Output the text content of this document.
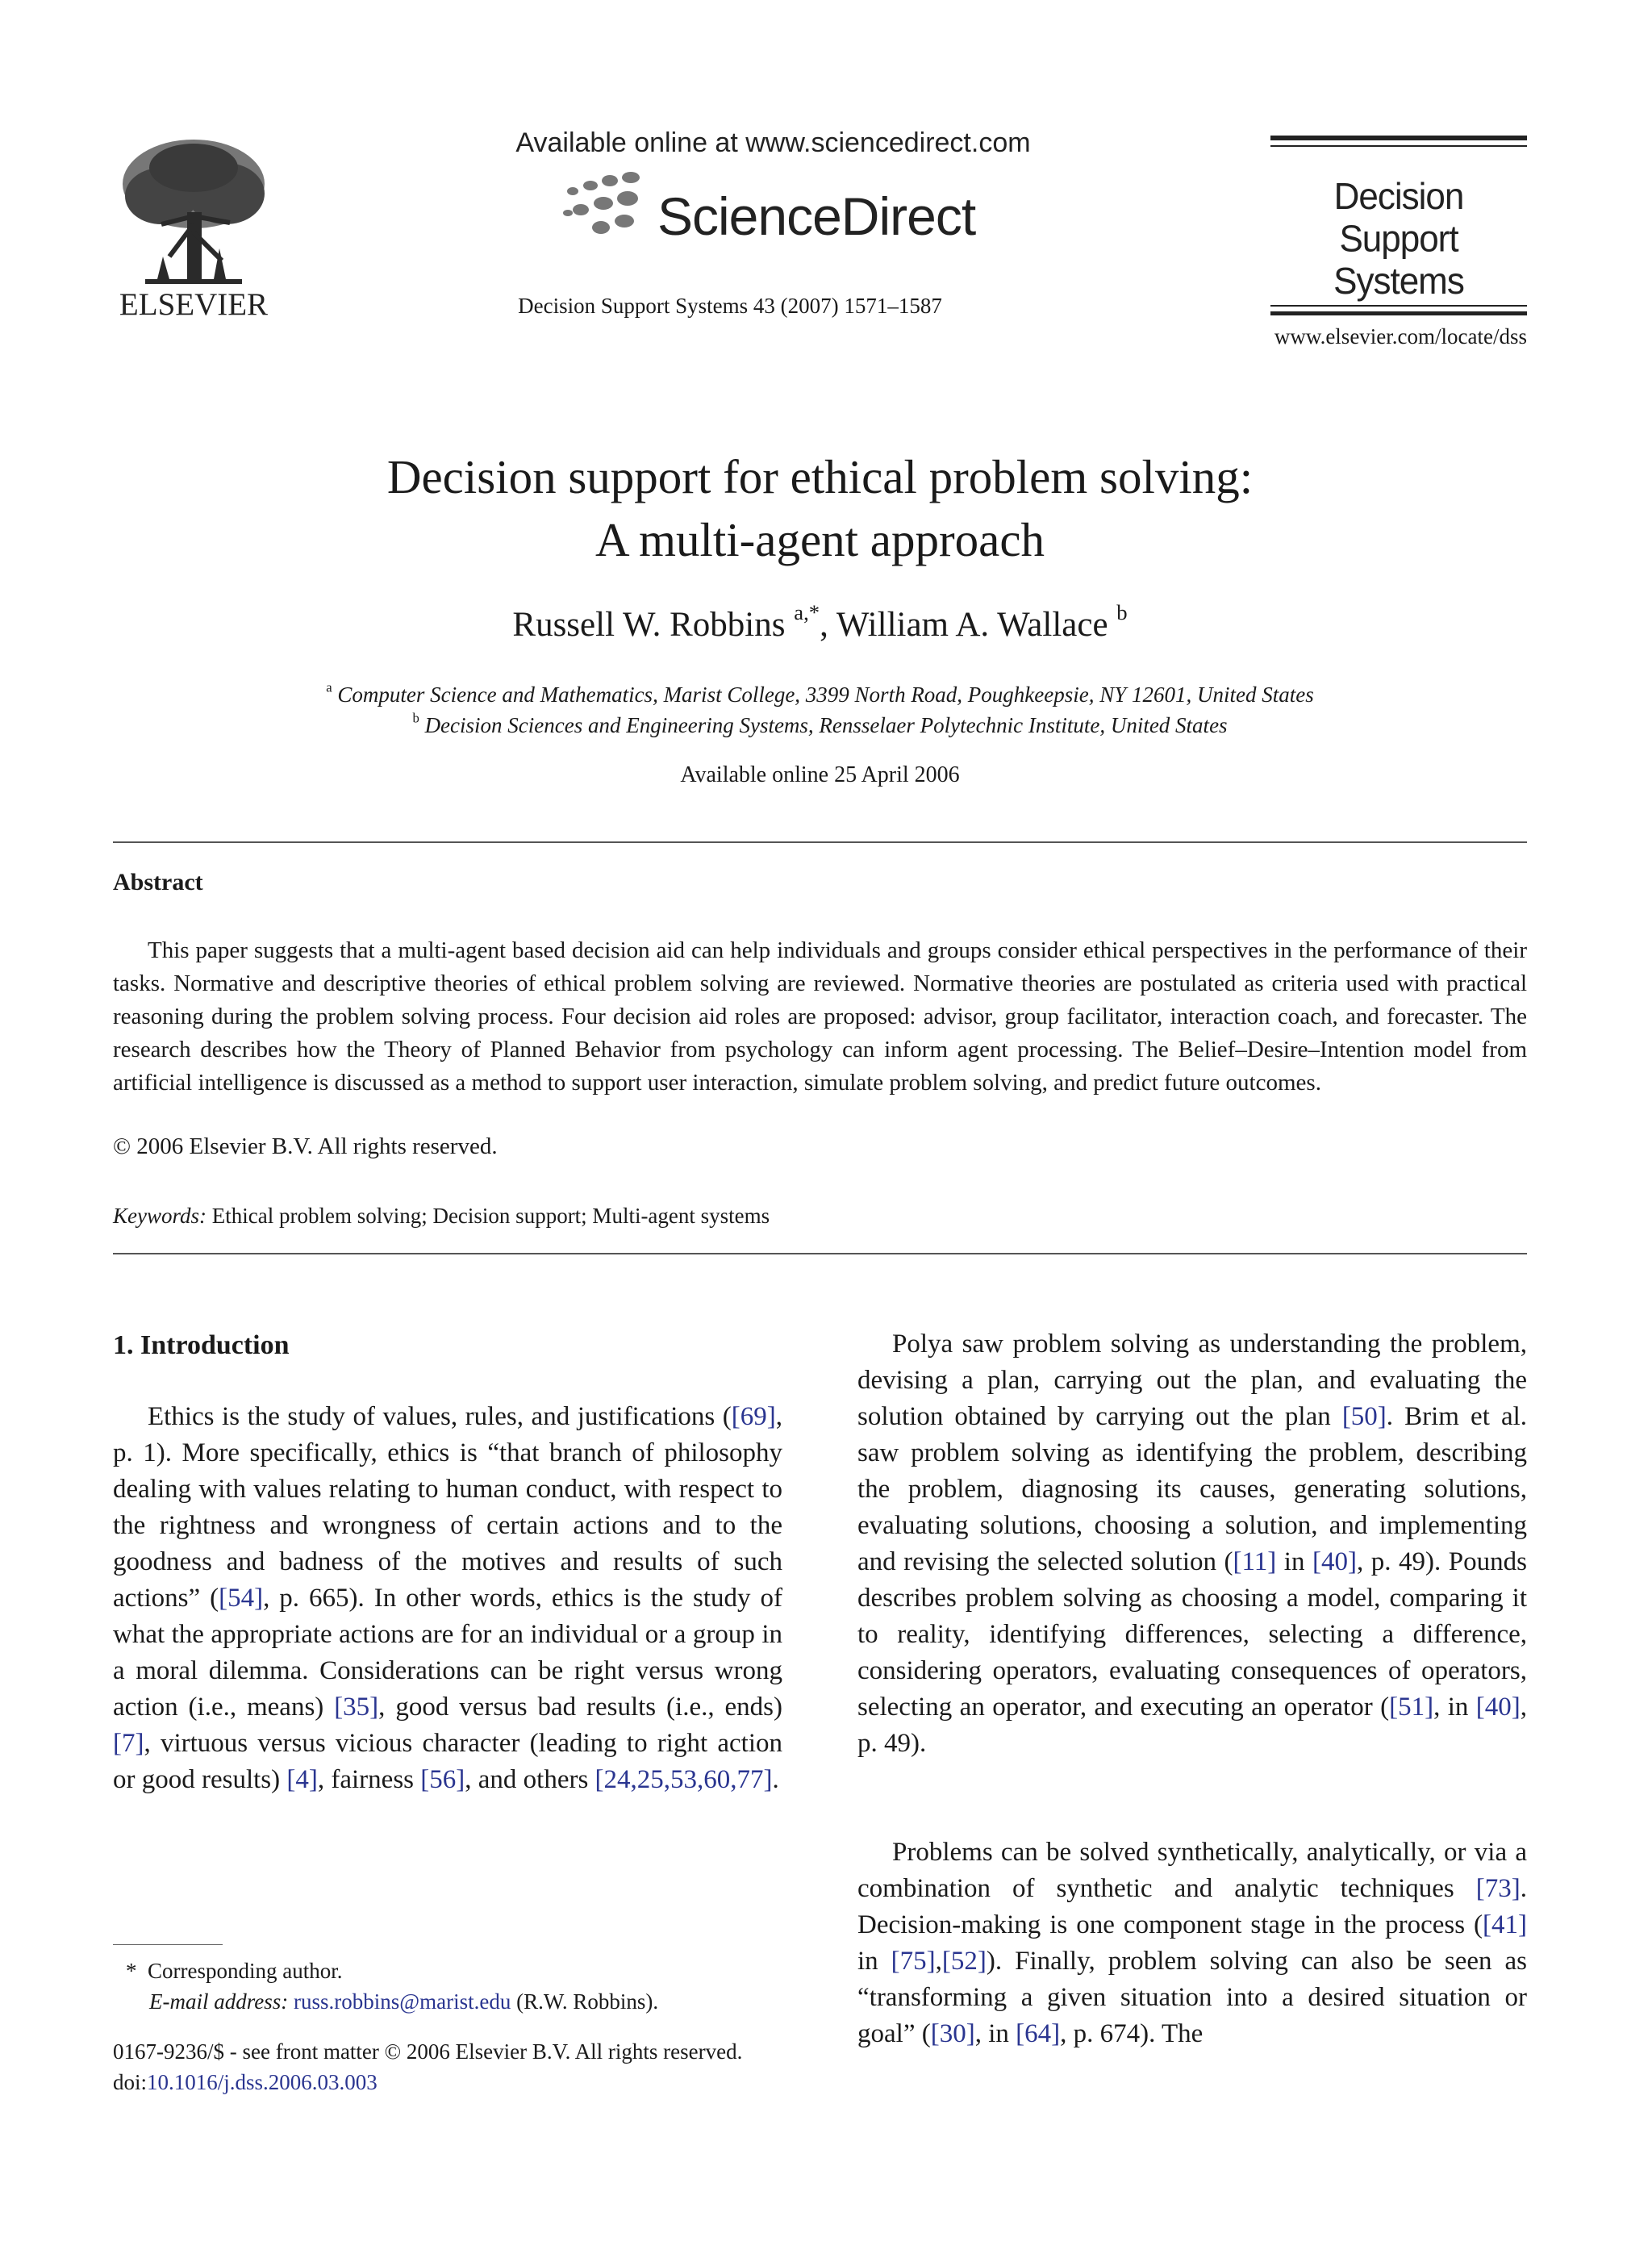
ELSEVIER
Available online at www.sciencedirect.com
ScienceDirect
Decision Support Systems 43 (2007) 1571–1587
Decision Support Systems
www.elsevier.com/locate/dss
Decision support for ethical problem solving:
A multi-agent approach
Russell W. Robbins $^{a,*}$, William A. Wallace $^b$
$^a$ Computer Science and Mathematics, Marist College, 3399 North Road, Poughkeepsie, NY 12601, United States
$^b$ Decision Sciences and Engineering Systems, Rensselaer Polytechnic Institute, United States
Available online 25 April 2006
Abstract

This paper suggests that a multi-agent based decision aid can help individuals and groups consider ethical perspectives in the performance of their tasks. Normative and descriptive theories of ethical problem solving are reviewed. Normative theories are postulated as criteria used with practical reasoning during the problem solving process. Four decision aid roles are proposed: advisor, group facilitator, interaction coach, and forecaster. The research describes how the Theory of Planned Behavior from psychology can inform agent processing. The Belief–Desire–Intention model from artificial intelligence is discussed as a method to support user interaction, simulate problem solving, and predict future outcomes.

© 2006 Elsevier B.V. All rights reserved.
Keywords: Ethical problem solving; Decision support; Multi-agent systems
1. Introduction

Ethics is the study of values, rules, and justifications ([69], p. 1). More specifically, ethics is “that branch of philosophy dealing with values relating to human conduct, with respect to the rightness and wrongness of certain actions and to the goodness and badness of the motives and results of such actions” ([54], p. 665). In other words, ethics is the study of what the appropriate actions are for an individual or a group in a moral dilemma. Considerations can be right versus wrong action (i.e., means) [35], good versus bad results (i.e., ends) [7], virtuous versus vicious character (leading to right action or good results) [4], fairness [56], and others [24,25,53,60,77].

Polya saw problem solving as understanding the problem, devising a plan, carrying out the plan, and evaluating the solution obtained by carrying out the plan [50]. Brim et al. saw problem solving as identifying the problem, describing the problem, diagnosing its causes, generating solutions, evaluating solutions, choosing a solution, and implementing and revising the selected solution ([11] in [40], p. 49). Pounds describes problem solving as choosing a model, comparing it to reality, identifying differences, selecting a difference, considering operators, evaluating consequences of operators, selecting an operator, and executing an operator ([51], in [40], p. 49).

Problems can be solved synthetically, analytically, or via a combination of synthetic and analytic techniques [73]. Decision-making is one component stage in the process ([41] in [75],[52]). Finally, problem solving can also be seen as “transforming a given situation into a desired situation or goal” ([30], in [64], p. 674). The

* Corresponding author.
E-mail address: russ.robbins@marist.edu (R.W. Robbins).
0167-9236/$ - see front matter © 2006 Elsevier B.V. All rights reserved.
doi:10.1016/j.dss.2006.03.003
